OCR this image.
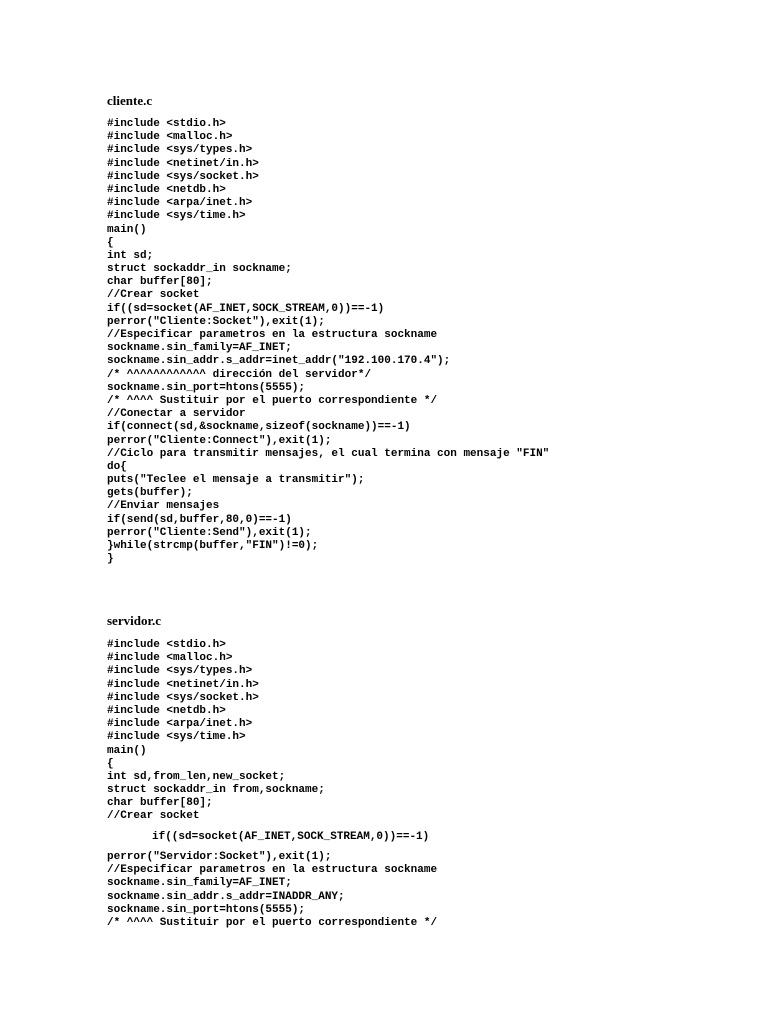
cliente.c
#include <stdio.h>
#include <malloc.h>
#include <sys/types.h>
#include <netinet/in.h>
#include <sys/socket.h>
#include <netdb.h>
#include <arpa/inet.h>
#include <sys/time.h>
main()
{
int sd;
struct sockaddr_in sockname;
char buffer[80];
//Crear socket
if((sd=socket(AF_INET,SOCK_STREAM,0))==-1)
perror("Cliente:Socket"),exit(1);
//Especificar parametros en la estructura sockname
sockname.sin_family=AF_INET;
sockname.sin_addr.s_addr=inet_addr("192.100.170.4");
/* ^^^^^^^^^^^^ dirección del servidor*/
sockname.sin_port=htons(5555);
/* ^^^^ Sustituir por el puerto correspondiente */
//Conectar a servidor
if(connect(sd,&sockname,sizeof(sockname))==-1)
perror("Cliente:Connect"),exit(1);
//Ciclo para transmitir mensajes, el cual termina con mensaje "FIN"
do{
puts("Teclee el mensaje a transmitir");
gets(buffer);
//Enviar mensajes
if(send(sd,buffer,80,0)==-1)
perror("Cliente:Send"),exit(1);
}while(strcmp(buffer,"FIN")!=0);
}
servidor.c
#include <stdio.h>
#include <malloc.h>
#include <sys/types.h>
#include <netinet/in.h>
#include <sys/socket.h>
#include <netdb.h>
#include <arpa/inet.h>
#include <sys/time.h>
main()
{
int sd,from_len,new_socket;
struct sockaddr_in from,sockname;
char buffer[80];
//Crear socket
if((sd=socket(AF_INET,SOCK_STREAM,0))==-1)
perror("Servidor:Socket"),exit(1);
//Especificar parametros en la estructura sockname
sockname.sin_family=AF_INET;
sockname.sin_addr.s_addr=INADDR_ANY;
sockname.sin_port=htons(5555);
/* ^^^^ Sustituir por el puerto correspondiente */
